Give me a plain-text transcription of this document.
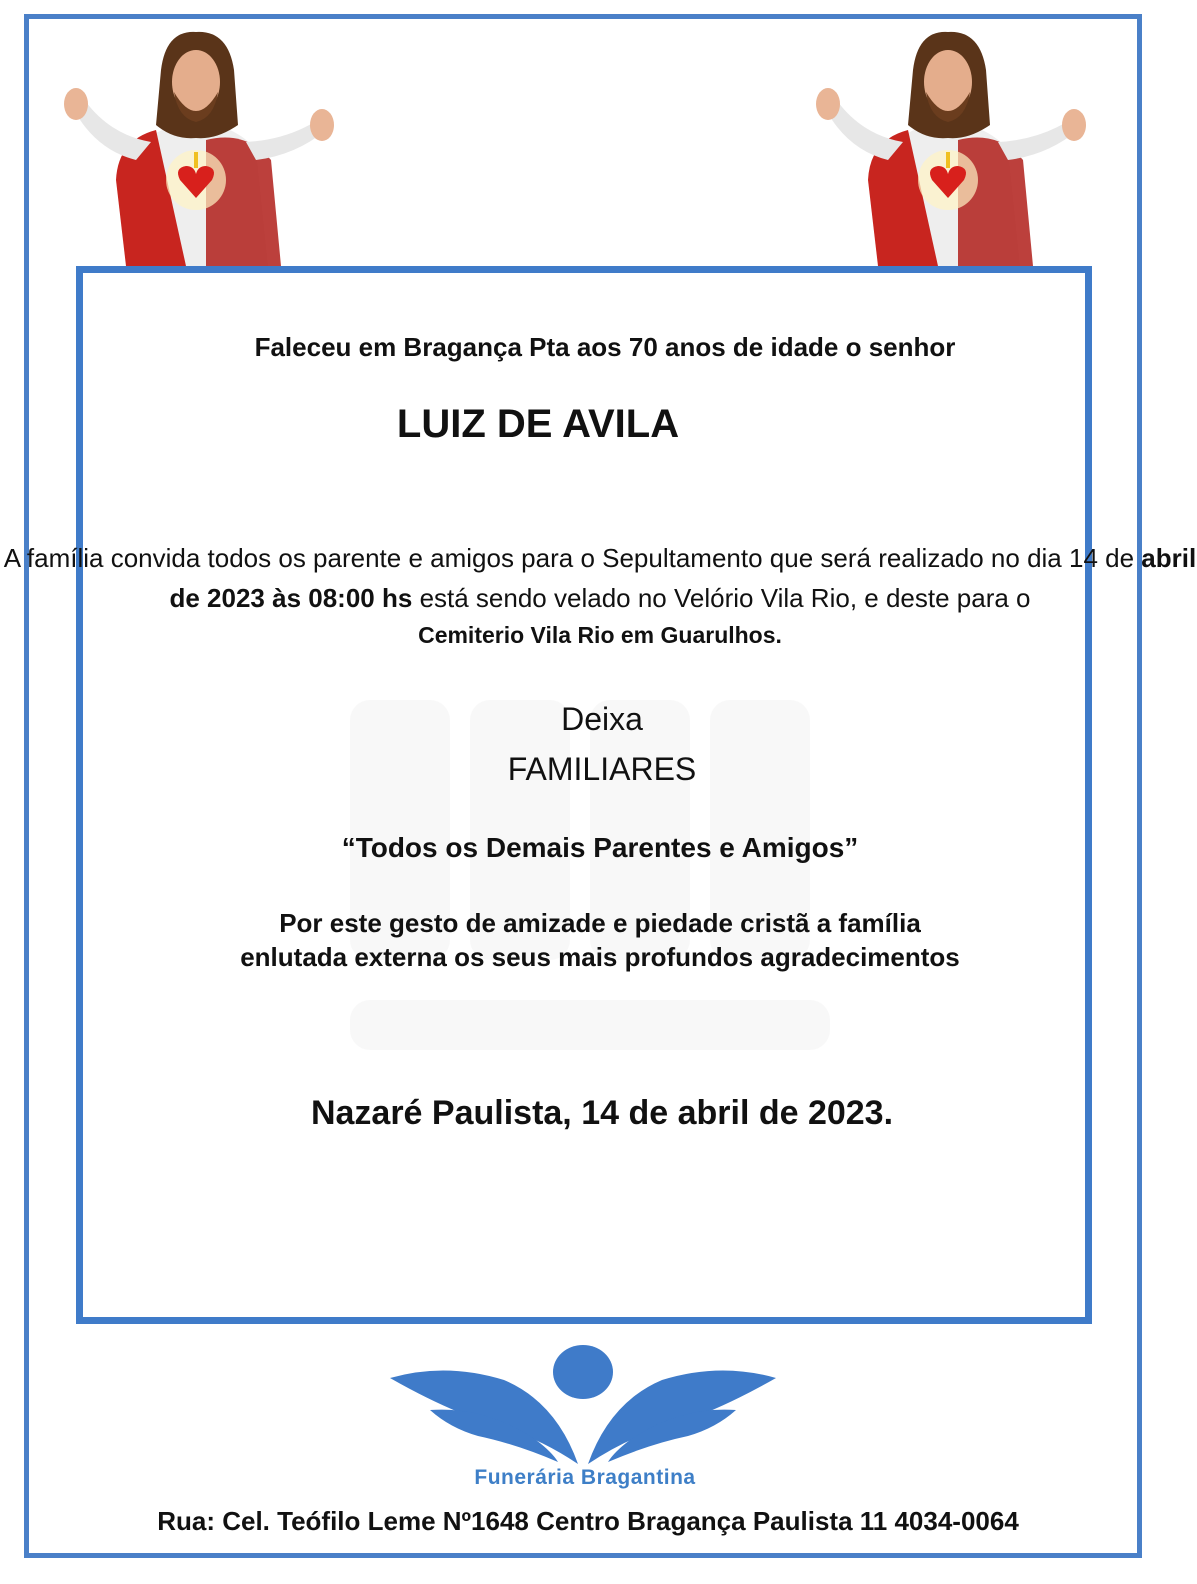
Faleceu em Bragança Pta aos 70 anos de idade o senhor
LUIZ DE AVILA
A família convida todos os parente e amigos para o Sepultamento que será realizado no dia 14 de abril de 2023 às 08:00 hs está sendo velado no Velório Vila Rio, e deste para o
Cemiterio Vila Rio em Guarulhos.
Deixa
FAMILIARES
“Todos os Demais Parentes e Amigos”
Por este gesto de amizade e piedade cristã a família
enlutada externa os seus mais profundos agradecimentos
Nazaré Paulista, 14 de abril de 2023.
Funerária Bragantina
Rua: Cel. Teófilo Leme Nº1648 Centro Bragança Paulista 11 4034-0064
